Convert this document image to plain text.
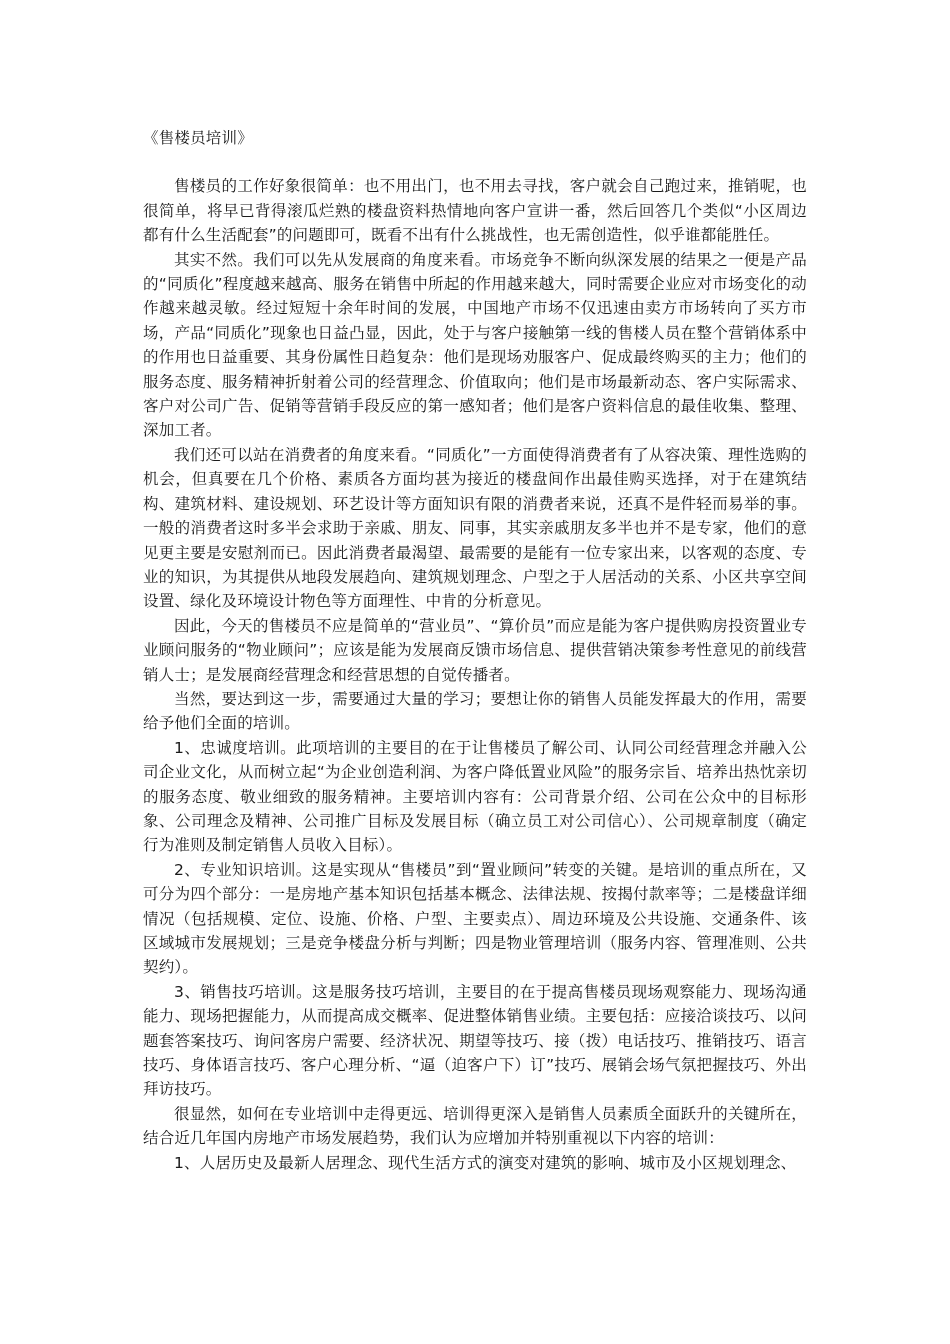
《售楼员培训》

售楼员的工作好象很简单：也不用出门，也不用去寻找，客户就会自己跑过来，推销呢，也很简单，将早已背得滚瓜烂熟的楼盘资料热情地向客户宣讲一番，然后回答几个类似“小区周边都有什么生活配套”的问题即可，既看不出有什么挑战性，也无需创造性，似乎谁都能胜任。

其实不然。我们可以先从发展商的角度来看。市场竞争不断向纵深发展的结果之一便是产品的“同质化”程度越来越高、服务在销售中所起的作用越来越大，同时需要企业应对市场变化的动作越来越灵敏。经过短短十余年时间的发展，中国地产市场不仅迅速由卖方市场转向了买方市场，产品“同质化”现象也日益凸显，因此，处于与客户接触第一线的售楼人员在整个营销体系中的作用也日益重要、其身份属性日趋复杂：他们是现场劝服客户、促成最终购买的主力；他们的服务态度、服务精神折射着公司的经营理念、价值取向；他们是市场最新动态、客户实际需求、客户对公司广告、促销等营销手段反应的第一感知者；他们是客户资料信息的最佳收集、整理、深加工者。

我们还可以站在消费者的角度来看。“同质化”一方面使得消费者有了从容决策、理性选购的机会，但真要在几个价格、素质各方面均甚为接近的楼盘间作出最佳购买选择，对于在建筑结构、建筑材料、建设规划、环艺设计等方面知识有限的消费者来说，还真不是件轻而易举的事。一般的消费者这时多半会求助于亲戚、朋友、同事，其实亲戚朋友多半也并不是专家，他们的意见更主要是安慰剂而已。因此消费者最渴望、最需要的是能有一位专家出来，以客观的态度、专业的知识，为其提供从地段发展趋向、建筑规划理念、户型之于人居活动的关系、小区共享空间设置、绿化及环境设计物色等方面理性、中肯的分析意见。

因此，今天的售楼员不应是简单的“营业员”、“算价员”而应是能为客户提供购房投资置业专业顾问服务的“物业顾问”；应该是能为发展商反馈市场信息、提供营销决策参考性意见的前线营销人士；是发展商经营理念和经营思想的自觉传播者。

当然，要达到这一步，需要通过大量的学习；要想让你的销售人员能发挥最大的作用，需要给予他们全面的培训。

1、忠诚度培训。此项培训的主要目的在于让售楼员了解公司、认同公司经营理念并融入公司企业文化，从而树立起“为企业创造利润、为客户降低置业风险”的服务宗旨、培养出热忱亲切的服务态度、敬业细致的服务精神。主要培训内容有：公司背景介绍、公司在公众中的目标形象、公司理念及精神、公司推广目标及发展目标（确立员工对公司信心）、公司规章制度（确定行为准则及制定销售人员收入目标）。

2、专业知识培训。这是实现从“售楼员”到“置业顾问”转变的关键。是培训的重点所在，又可分为四个部分：一是房地产基本知识包括基本概念、法律法规、按揭付款率等；二是楼盘详细情况（包括规模、定位、设施、价格、户型、主要卖点）、周边环境及公共设施、交通条件、该区域城市发展规划；三是竞争楼盘分析与判断；四是物业管理培训（服务内容、管理准则、公共契约）。

3、销售技巧培训。这是服务技巧培训，主要目的在于提高售楼员现场观察能力、现场沟通能力、现场把握能力，从而提高成交概率、促进整体销售业绩。主要包括：应接洽谈技巧、以问题套答案技巧、询问客房户需要、经济状况、期望等技巧、接（拨）电话技巧、推销技巧、语言技巧、身体语言技巧、客户心理分析、“逼（迫客户下）订”技巧、展销会场气氛把握技巧、外出拜访技巧。

很显然，如何在专业培训中走得更远、培训得更深入是销售人员素质全面跃升的关键所在，结合近几年国内房地产市场发展趋势，我们认为应增加并特别重视以下内容的培训：

1、人居历史及最新人居理念、现代生活方式的演变对建筑的影响、城市及小区规划理念、
